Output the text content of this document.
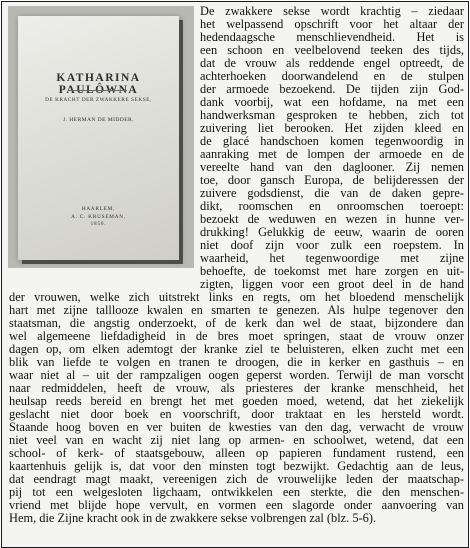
KATHARINA PAULÔWNA
DE KRACHT DER ZWAKKERE SEKSE,
J. HERMAN DE MIDDER.
HAARLEM,
A. C. KRUSEMAN.
1856.
De zwakkere sekse wordt krachtig – ziedaar
het welpassend opschrift voor het altaar der
hedendaagsche menschlievendheid. Het is
een schoon en veelbelovend teeken des tijds,
dat de vrouw als reddende engel optreedt, de
achterhoeken doorwandelend en de stulpen
der armoede bezoekend. De tijden zijn God-
dank voorbij, wat een hofdame, na met een
handwerksman gesproken te hebben, zich tot
zuivering liet berooken. Het zijden kleed en
de glacé handschoen komen tegenwoordig in
aanraking met de lompen der armoede en de
vereelte hand van den daglooner. Zij nemen
toe, door gansch Europa, de belijderessen der
zuivere godsdienst, die van de daken gepre-
dikt, roomschen en onroomschen toeroept:
bezoekt de weduwen en wezen in hunne ver-
drukking! Gelukkig de eeuw, waarin de ooren
niet doof zijn voor zulk een roepstem. In
waarheid, het tegenwoordige met zijne
behoefte, de toekomst met hare zorgen en uit-
zigten, liggen voor een groot deel in de hand
der vrouwen, welke zich uitstrekt links en regts, om het bloedend menschelijk
hart met zijne talllooze kwalen en smarten te genezen. Als hulpe tegenover den
staatsman, die angstig onderzoekt, of de kerk dan wel de staat, bijzondere dan
wel algemeene liefdadigheid in de bres moet springen, staat de vrouw onzer
dagen op, om elken ademtogt der kranke ziel te beluisteren, elken zucht met een
blik van liefde te volgen en tranen te droogen, die in kerker en gasthuis – en
waar niet al – uit der rampzaligen oogen geperst worden. Terwijl de man vorscht
naar redmiddelen, heeft de vrouw, als priesteres der kranke menschheid, het
heulsap reeds bereid en brengt het met goeden moed, wetend, dat het ziekelijk
geslacht niet door boek en voorschrift, door traktaat en les hersteld wordt.
Staande hoog boven en ver buiten de kwesties van den dag, verwacht de vrouw
niet veel van en wacht zij niet lang op armen- en schoolwet, wetend, dat een
school- of kerk- of staatsgebouw, alleen op papieren fundament rustend, een
kaartenhuis gelijk is, dat voor den minsten togt bezwijkt. Gedachtig aan de leus,
dat eendragt magt maakt, vereenigen zich de vrouwelijke leden der maatschap-
pij tot een welgesloten ligchaam, ontwikkelen een sterkte, die den menschen-
vriend met blijde hope vervult, en vormen een slagorde onder aanvoering van
Hem, die Zijne kracht ook in de zwakkere sekse volbrengen zal (blz. 5-6).
